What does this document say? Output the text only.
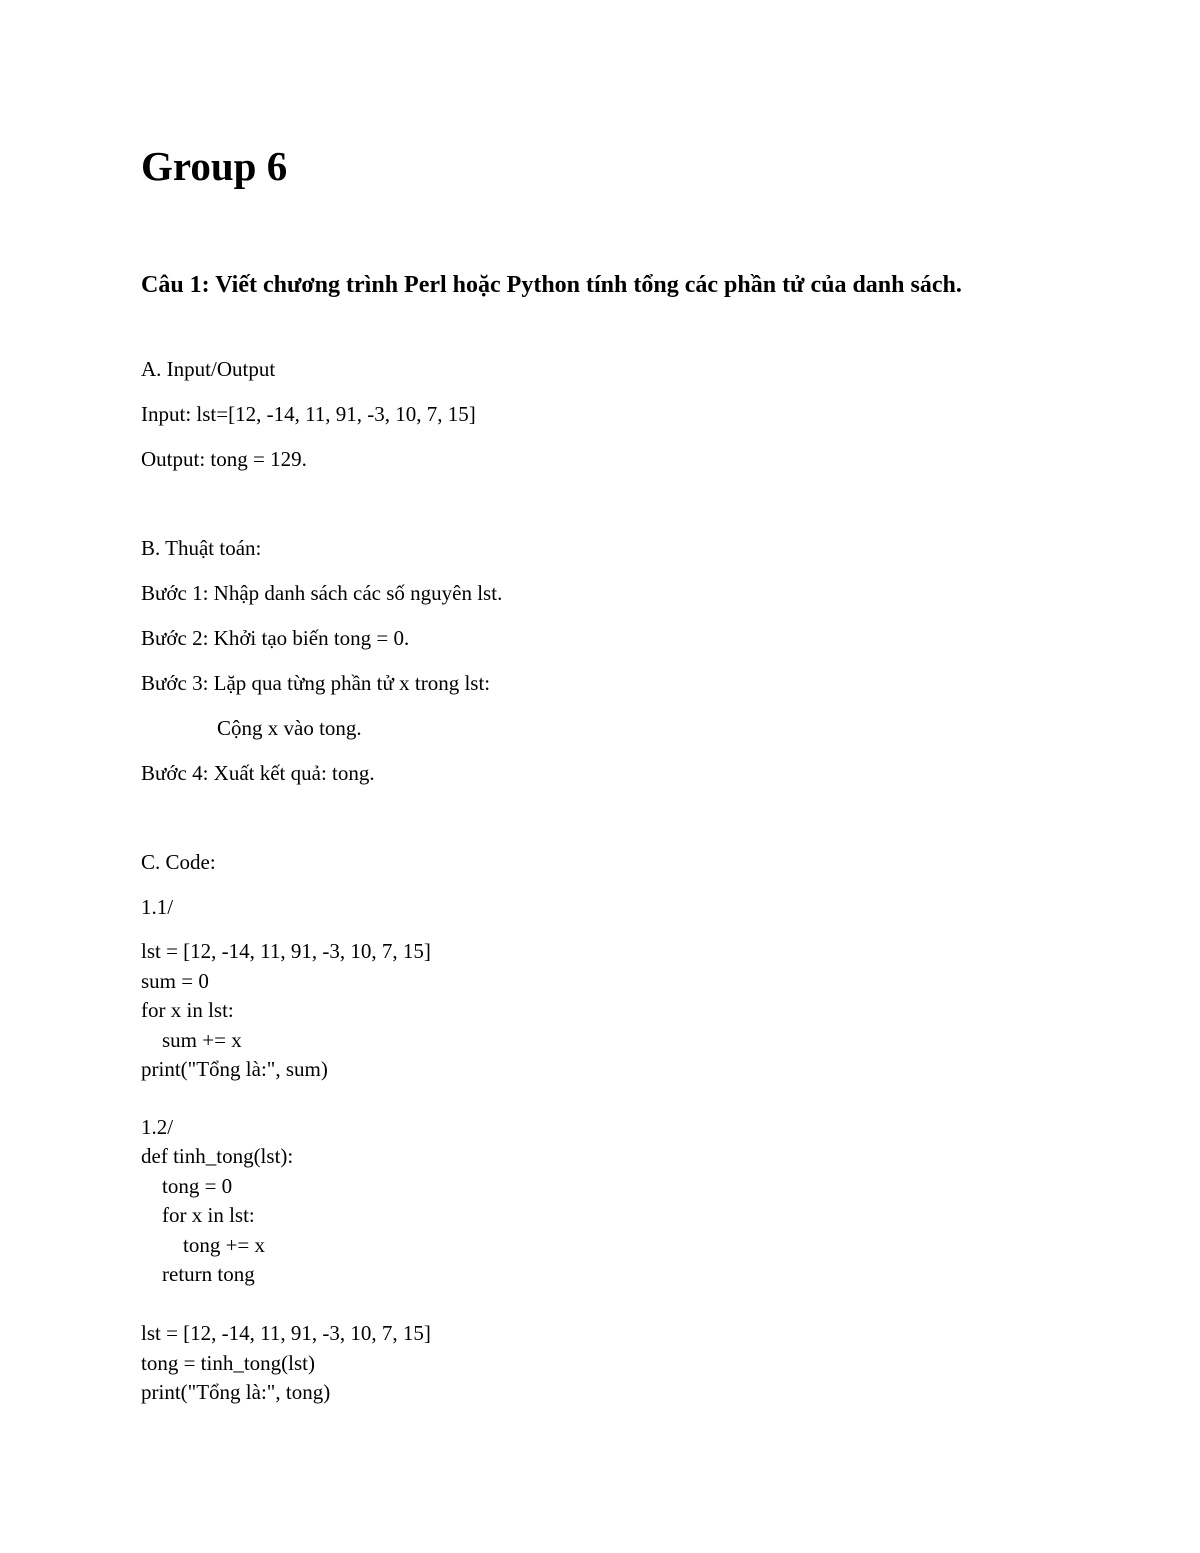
Group 6
Câu 1: Viết chương trình Perl hoặc Python tính tổng các phần tử của danh sách.
A. Input/Output
Input: lst=[12, -14, 11, 91, -3, 10, 7, 15]
Output: tong = 129.
B. Thuật toán:
Bước 1: Nhập danh sách các số nguyên lst.
Bước 2: Khởi tạo biến tong = 0.
Bước 3: Lặp qua từng phần tử x trong lst:
Cộng x vào tong.
Bước 4: Xuất kết quả: tong.
C. Code:
1.1/
lst = [12, -14, 11, 91, -3, 10, 7, 15]
sum = 0
for x in lst:
sum += x
print("Tổng là:", sum)
1.2/
def tinh_tong(lst):
tong = 0
for x in lst:
tong += x
return tong

lst = [12, -14, 11, 91, -3, 10, 7, 15]
tong = tinh_tong(lst)
print("Tổng là:", tong)
